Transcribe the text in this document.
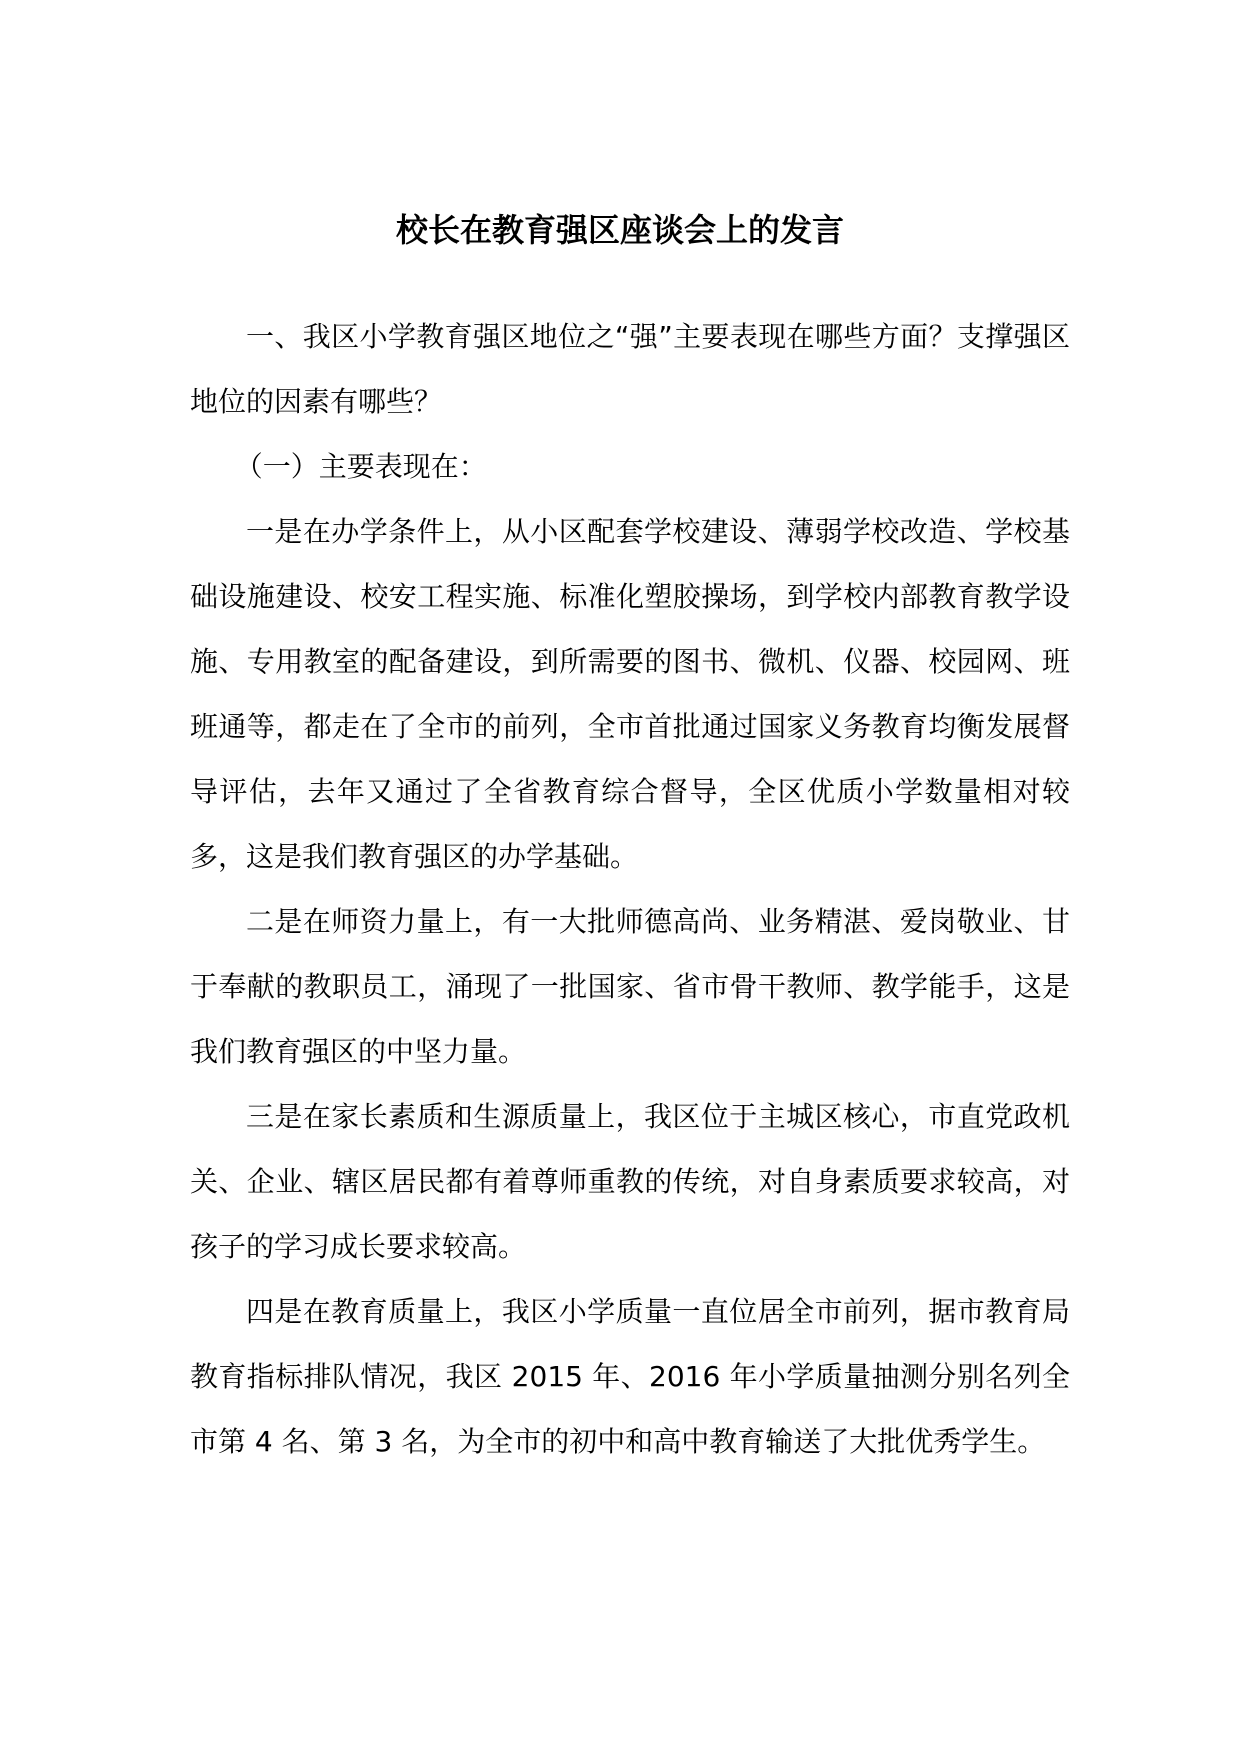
校长在教育强区座谈会上的发言

一、我区小学教育强区地位之“强”主要表现在哪些方面？支撑强区地位的因素有哪些？

（一）主要表现在：

一是在办学条件上，从小区配套学校建设、薄弱学校改造、学校基础设施建设、校安工程实施、标准化塑胶操场，到学校内部教育教学设施、专用教室的配备建设，到所需要的图书、微机、仪器、校园网、班班通等，都走在了全市的前列，全市首批通过国家义务教育均衡发展督导评估，去年又通过了全省教育综合督导，全区优质小学数量相对较多，这是我们教育强区的办学基础。

二是在师资力量上，有一大批师德高尚、业务精湛、爱岗敬业、甘于奉献的教职员工，涌现了一批国家、省市骨干教师、教学能手，这是我们教育强区的中坚力量。

三是在家长素质和生源质量上，我区位于主城区核心，市直党政机关、企业、辖区居民都有着尊师重教的传统，对自身素质要求较高，对孩子的学习成长要求较高。

四是在教育质量上，我区小学质量一直位居全市前列，据市教育局教育指标排队情况，我区 2015 年、2016 年小学质量抽测分别名列全市第 4 名、第 3 名，为全市的初中和高中教育输送了大批优秀学生。
